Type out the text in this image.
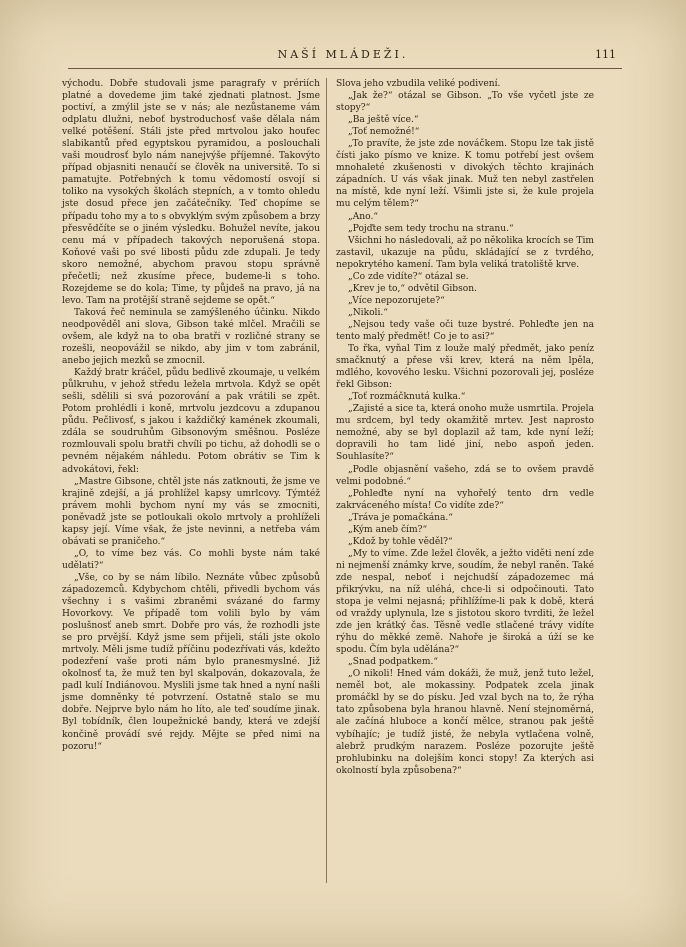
NAŠÍ MLÁDEŽI.	111

východu. Dobře studovali jsme paragrafy v prériích platné a dovedeme jim také zjednati platnost. Jsme poctiví, a zmýlil jste se v nás; ale nezůstaneme vám odplatu dlužni, neboť bystroduchosť vaše dělala nám velké potěšení. Stáli jste před mrtvolou jako houfec slabikantů před egyptskou pyramidou, a poslouchali vaši moudrosť bylo nám nanejvýše příjemné. Takovýto případ objasniti nenaučí se člověk na universitě. To si pamatujte. Potřebných k tomu vědomostí osvojí si toliko na vysokých školách stepních, a v tomto ohledu jste dosud přece jen začátečníky. Teď chopíme se případu toho my a to s obvyklým svým způsobem a brzy přesvědčíte se o jiném výsledku. Bohužel nevíte, jakou cenu má v případech takových neporušená stopa. Koňové vaši po své libosti půdu zde zdupali. Je tedy skoro nemožné, abychom pravou stopu správně přečetli; než zkusíme přece, budeme-li s toho. Rozejdeme se do kola; Time, ty půjdeš na pravo, já na levo. Tam na protější straně sejdeme se opět.“

Taková řeč neminula se zamýšleného účinku. Nikdo neodpověděl ani slova, Gibson také mlčel. Mračili se ovšem, ale když na to oba bratři v rozličné strany se rozešli, neopovážil se nikdo, aby jim v tom zabránil, anebo jejich mezků se zmocnil.

Každý bratr kráčel, půdu bedlivě zkoumaje, u velkém půlkruhu, v jehož středu ležela mrtvola. Když se opět sešli, sdělili si svá pozorování a pak vrátili se zpět. Potom prohlédli i koně, mrtvolu jezdcovu a zdupanou půdu. Pečlivosť, s jakou i každičký kamének zkoumali, zdála se soudruhům Gibsonovým směšnou. Posléze rozmlouvali spolu bratři chvíli po tichu, až dohodli se o pevném nějakém náhledu. Potom obrátiv se Tim k advokátovi, řekl:

„Mastre Gibsone, chtěl jste nás zatknouti, že jsme ve krajině zdejší, a já prohlížel kapsy umrlcovy. Týmtéž právem mohli bychom nyní my vás se zmocniti, poněvadž jste se potloukali okolo mrtvoly a prohlíželi kapsy její. Víme však, že jste nevinni, a netřeba vám obávati se praničeho.“

„O, to víme bez vás. Co mohli byste nám také udělati?“

„Vše, co by se nám líbilo. Neznáte vůbec způsobů západozemců. Kdybychom chtěli, přivedli bychom vás všechny i s vašimi zbraněmi svázané do farmy Hovorkovy. Ve případě tom volili bylo by vám poslušnosť aneb smrt. Dobře pro vás, že rozhodli jste se pro prvější. Když jsme sem přijeli, stáli jste okolo mrtvoly. Měli jsme tudíž příčinu podezřívati vás, kdežto podezření vaše proti nám bylo pranesmyslné. Již okolnosť ta, že muž ten byl skalpován, dokazovala, že padl kulí Indiánovou. Myslili jsme tak hned a nyní našli jsme domněnky té potvrzení. Ostatně stalo se mu dobře. Nejprve bylo nám ho líto, ale teď soudíme jinak. Byl tobídník, člen loupežnické bandy, která ve zdejší končině provádí své rejdy. Mějte se před nimi na pozoru!“

Slova jeho vzbudila veliké podivení.

„Jak že?“ otázal se Gibson. „To vše vyčetl jste ze stopy?“

„Ba ještě více.“

„Toť nemožné!“

„To pravíte, že jste zde nováčkem. Stopu lze tak jistě čísti jako písmo ve knize. K tomu potřebí jest ovšem mnohaleté zkušenosti v divokých těchto krajinách západních. U vás však jinak. Muž ten nebyl zastřelen na místě, kde nyní leží. Všimli jste si, že kule projela mu celým tělem?“

„Ano.“

„Pojďte sem tedy trochu na stranu.“

Všichni ho následovali, až po několika krocích se Tim zastavil, ukazuje na půdu, skládající se z tvrdého, nepokrytého kamení. Tam byla veliká tratoliště krve.

„Co zde vidíte?“ otázal se.

„Krev je to,“ odvětil Gibson.

„Více nepozorujete?“

„Nikoli.“

„Nejsou tedy vaše oči tuze bystré. Pohleďte jen na tento malý předmět! Co je to asi?“

To řka, vyňal Tim z louže malý předmět, jako peníz smačknutý a přese vši krev, která na něm lpěla, mdlého, kovového lesku. Všichni pozorovali jej, posléze řekl Gibson:

„Toť rozmáčknutá kulka.“

„Zajisté a sice ta, která onoho muže usmrtila. Projela mu srdcem, byl tedy okamžitě mrtev. Jest naprosto nemožné, aby se byl doplazil až tam, kde nyní leží; dopravili ho tam lidé jiní, nebo aspoň jeden. Souhlasíte?“

„Podle objasnění vašeho, zdá se to ovšem pravdě velmi podobné.“

„Pohleďte nyní na vyhořelý tento drn vedle zakrváceného místa! Co vidíte zde?“

„Tráva je pomačkána.“

„Kým aneb čím?“

„Kdož by tohle věděl?“

„My to víme. Zde ležel člověk, a ježto viděti není zde ni nejmenší známky krve, soudím, že nebyl raněn. Také zde nespal, neboť i nejchudší západozemec má přikrývku, na níž uléhá, chce-li si odpočinouti. Tato stopa je velmi nejasná; přihlížíme-li pak k době, která od vraždy uplynula, lze s jistotou skoro tvrditi, že ležel zde jen krátký čas. Těsně vedle stlačené trávy vidíte rýhu do měkké země. Nahoře je široká a úží se ke spodu. Čím byla udělána?“

„Snad podpatkem.“

„O nikoli! Hned vám dokáži, že muž, jenž tuto ležel, neměl bot, ale mokassiny. Podpatek zcela jinak promáčkl by se do písku. Jed vzal bych na to, že rýha tato způsobena byla hranou hlavně. Není stejnoměrná, ale začíná hluboce a končí mělce, stranou pak ještě vybíhajíc; je tudíž jisté, že nebyla vytlačena volně, alebrž prudkým narazem. Posléze pozorujte ještě prohlubinku na dolejším konci stopy! Za kterých asi okolností byla způsobena?“
